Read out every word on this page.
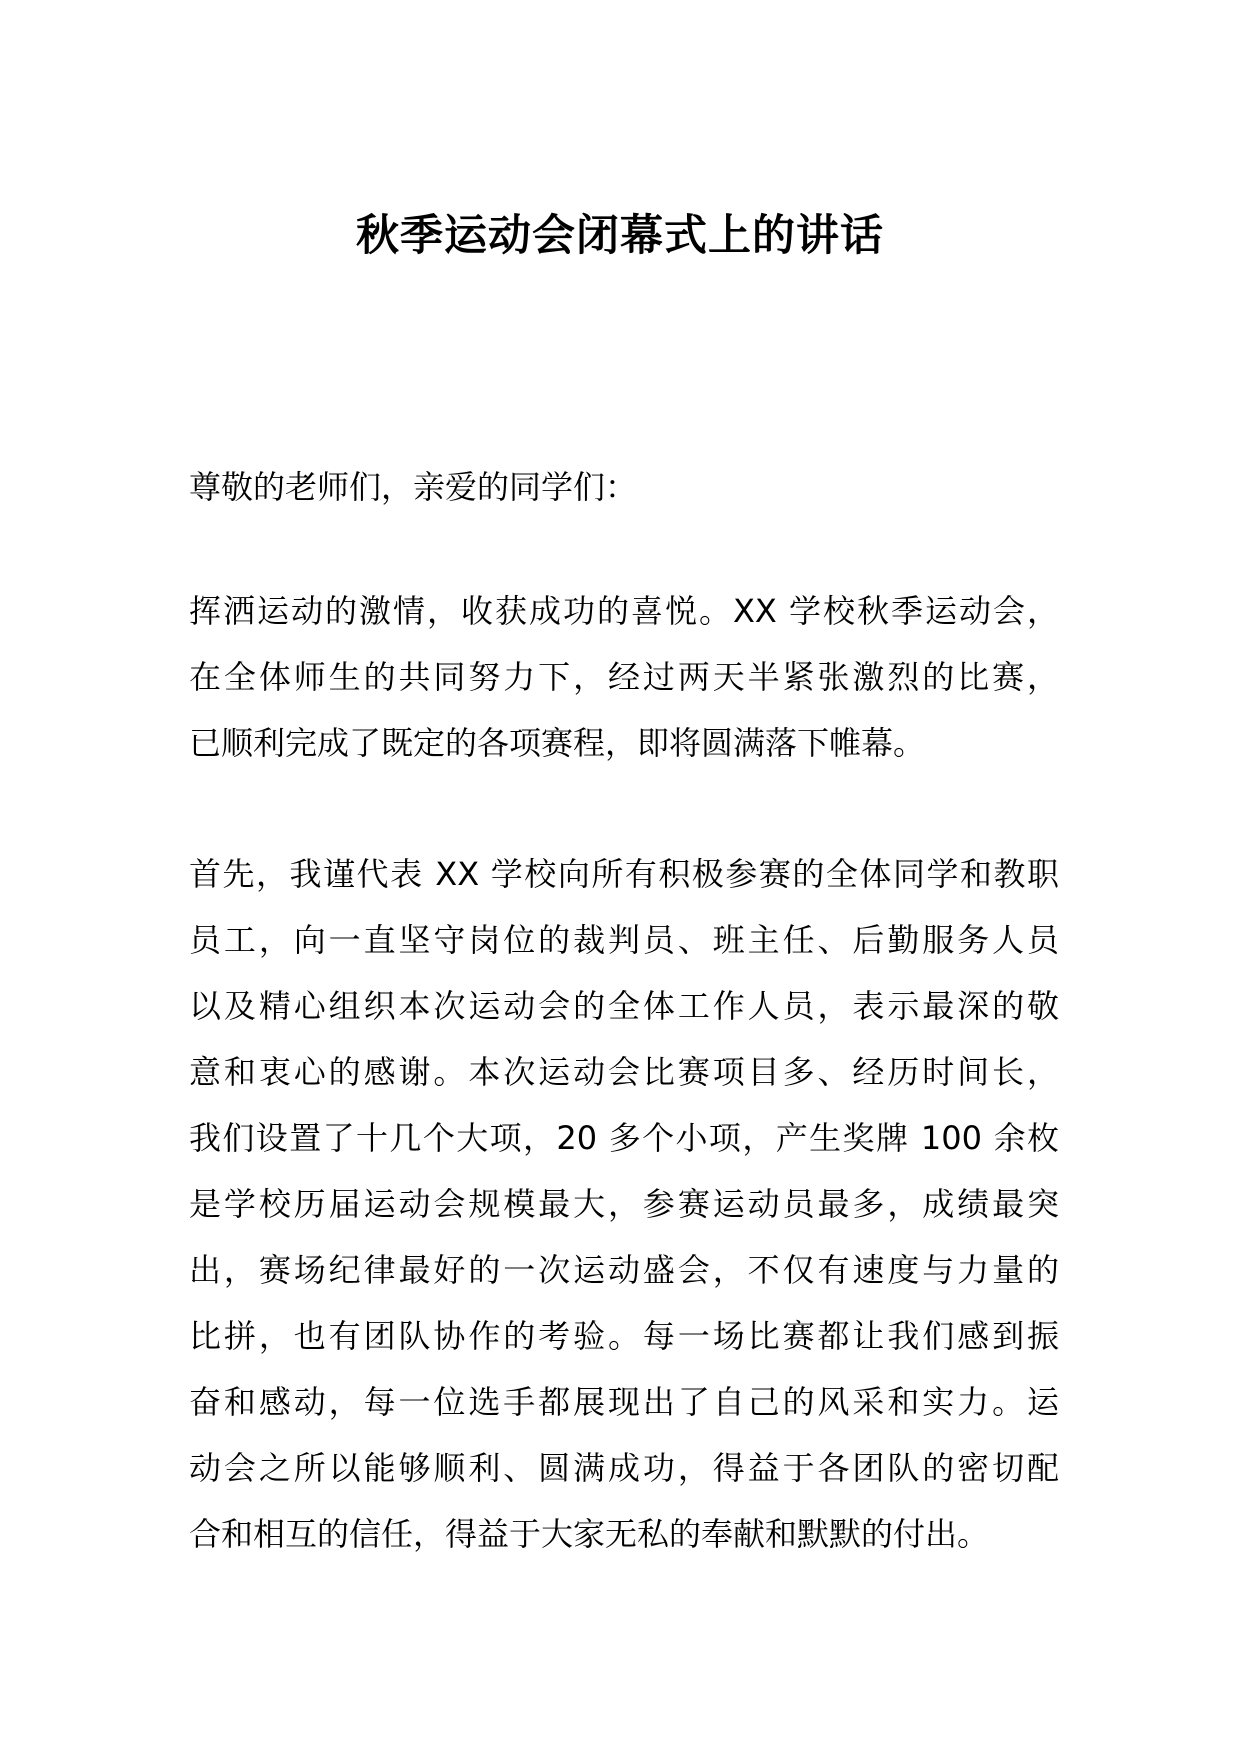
秋季运动会闭幕式上的讲话

尊敬的老师们，亲爱的同学们：

挥洒运动的激情，收获成功的喜悦。XX 学校秋季运动会，
在全体师生的共同努力下，经过两天半紧张激烈的比赛，
已顺利完成了既定的各项赛程，即将圆满落下帷幕。

首先，我谨代表 XX 学校向所有积极参赛的全体同学和教职
员工，向一直坚守岗位的裁判员、班主任、后勤服务人员
以及精心组织本次运动会的全体工作人员，表示最深的敬
意和衷心的感谢。本次运动会比赛项目多、经历时间长，
我们设置了十几个大项，20 多个小项，产生奖牌 100 余枚
是学校历届运动会规模最大，参赛运动员最多，成绩最突
出，赛场纪律最好的一次运动盛会，不仅有速度与力量的
比拼，也有团队协作的考验。每一场比赛都让我们感到振
奋和感动，每一位选手都展现出了自己的风采和实力。运
动会之所以能够顺利、圆满成功，得益于各团队的密切配
合和相互的信任，得益于大家无私的奉献和默默的付出。
